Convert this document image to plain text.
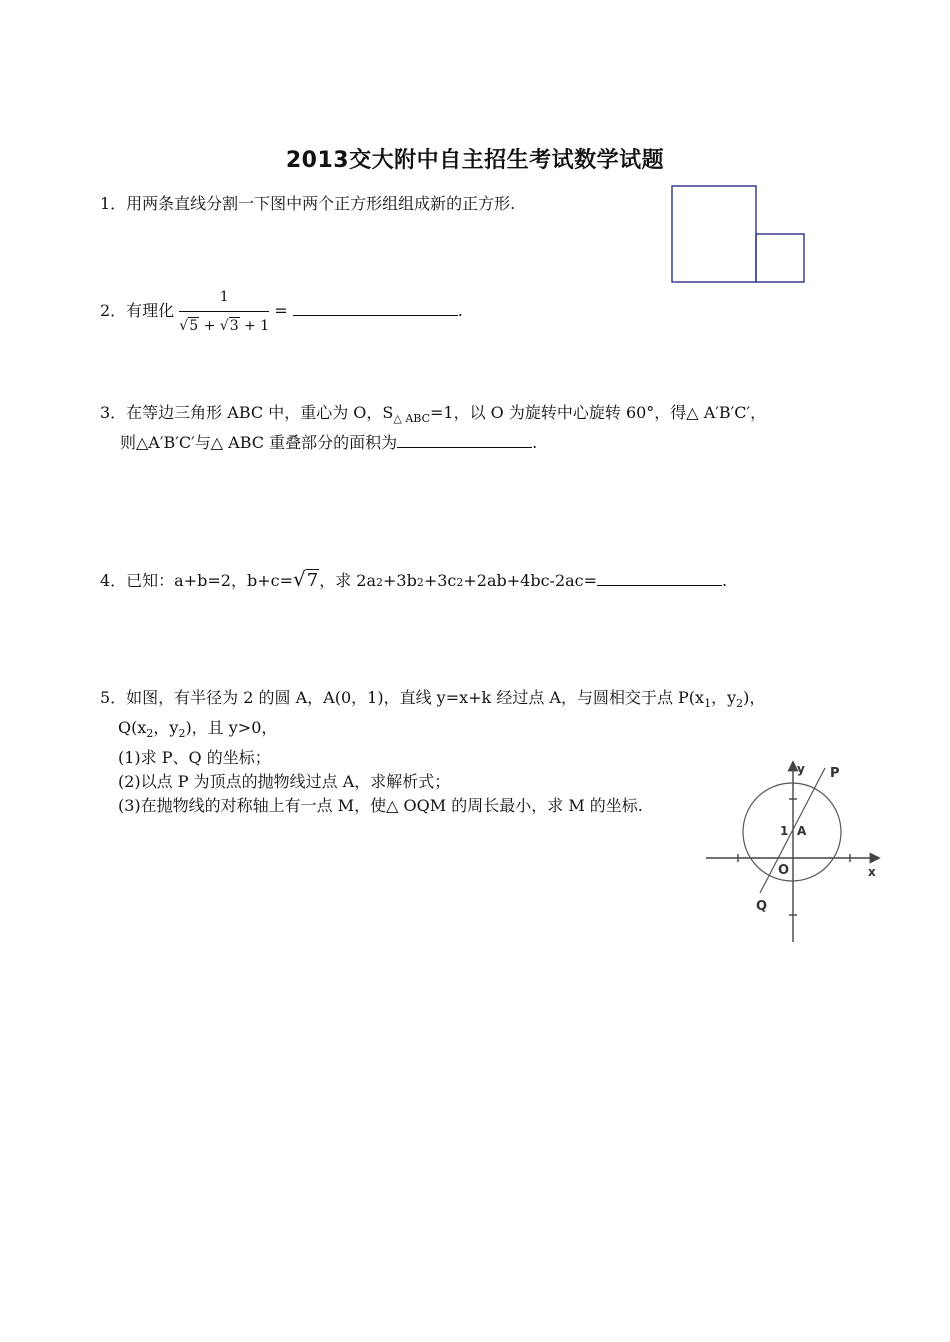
2013交大附中自主招生考试数学试题
1．用两条直线分割一下图中两个正方形组组成新的正方形.
2．有理化 $\frac{1}{√5 + √3 + 1}$ =	.
3．在等边三角形 ABC 中，重心为 O，$S_{\triangle ABC}=1$，以 O 为旋转中心旋转 60°，得△ A′B′C′，
则△A′B′C′与△ ABC 重叠部分的面积为	.
4．已知：a+b=2，b+c=√7，求 2a2+3b2+3c2+2ab+4bc-2ac=	.
5．如图，有半径为 2 的圆 A，A(0，1)，直线 y=x+k 经过点 A，与圆相交于点 $P(x_1$，$y_2$)，
$Q(x_2$，$y_2$)，且 y>0，
(1)求 P、Q 的坐标；
(2)以点 P 为顶点的抛物线过点 A，求解析式；
(3)在抛物线的对称轴上有一点 M，使△ OQM 的周长最小，求 M 的坐标.
y
x
P
Q
O
1 A
